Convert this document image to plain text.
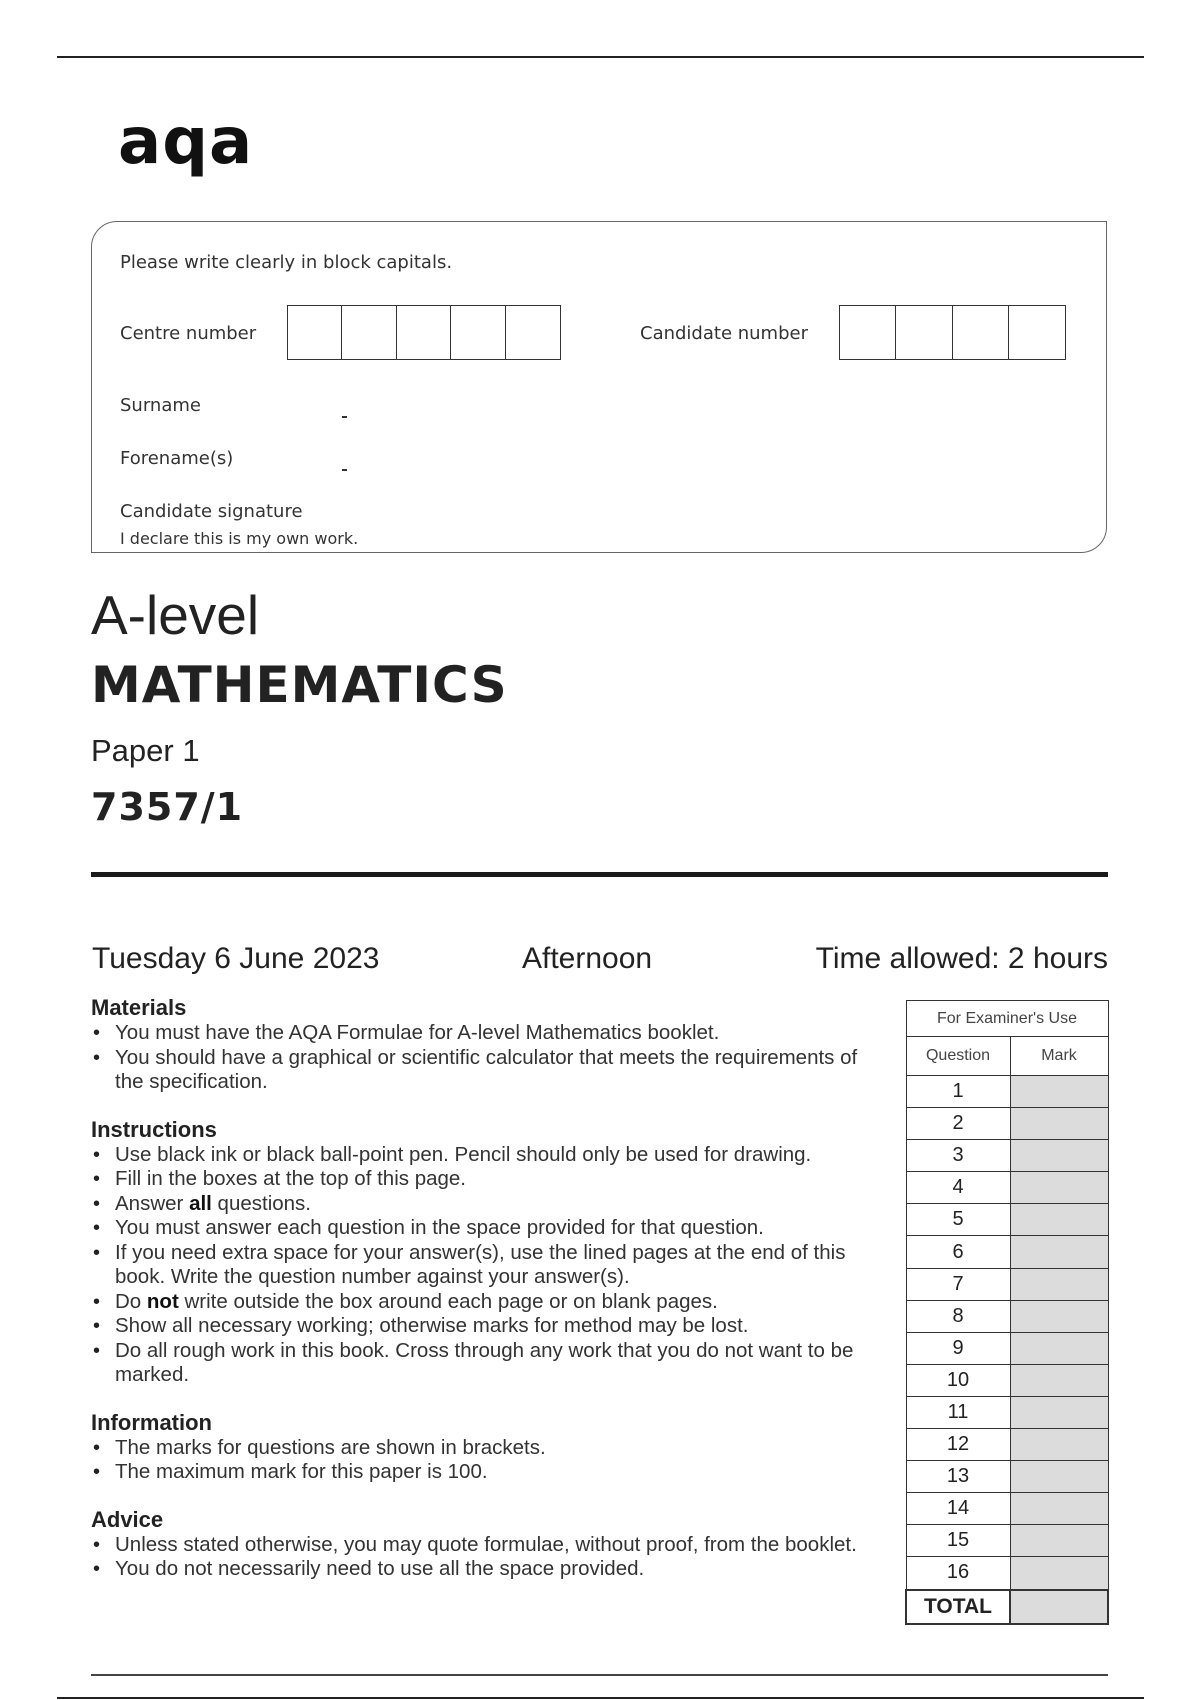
aqa
Please write clearly in block capitals.
Centre number	Candidate number
Surname
Forename(s)
Candidate signature
I declare this is my own work.
A-level
MATHEMATICS
Paper 1
7357/1
Tuesday 6 June 2023	Afternoon	Time allowed: 2 hours
Materials
• You must have the AQA Formulae for A-level Mathematics booklet.
• You should have a graphical or scientific calculator that meets the requirements of the specification.
Instructions
• Use black ink or black ball-point pen. Pencil should only be used for drawing.
• Fill in the boxes at the top of this page.
• Answer all questions.
• You must answer each question in the space provided for that question.
• If you need extra space for your answer(s), use the lined pages at the end of this book. Write the question number against your answer(s).
• Do not write outside the box around each page or on blank pages.
• Show all necessary working; otherwise marks for method may be lost.
• Do all rough work in this book. Cross through any work that you do not want to be marked.
Information
• The marks for questions are shown in brackets.
• The maximum mark for this paper is 100.
Advice
• Unless stated otherwise, you may quote formulae, without proof, from the booklet.
• You do not necessarily need to use all the space provided.
For Examiner's Use	
Question	Mark
1	
2	
3	
4	
5	
6	
7	
8	
9	
10	
11	
12	
13	
14	
15	
16	
TOTAL	
